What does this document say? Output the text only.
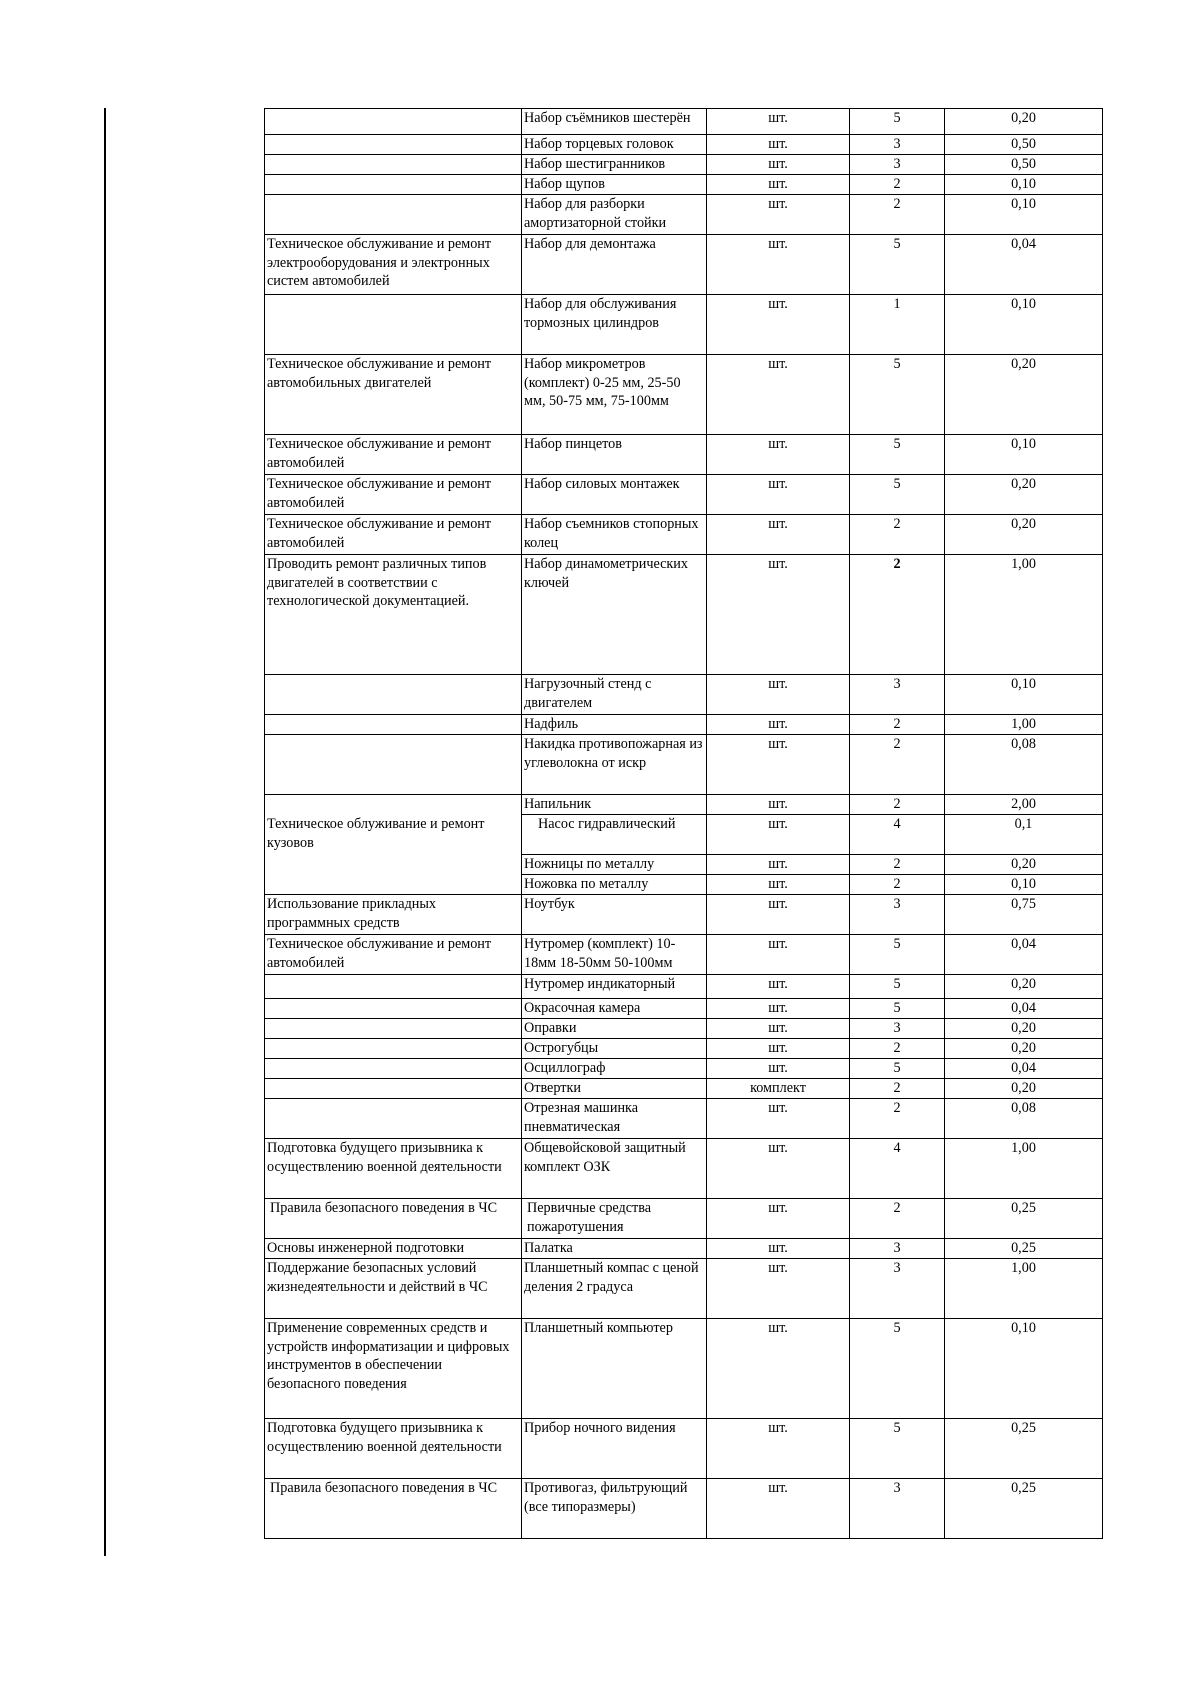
	Набор съёмников шестерён	шт.	5	0,20
	Набор торцевых головок	шт.	3	0,50
	Набор шестигранников	шт.	3	0,50
	Набор щупов	шт.	2	0,10
	Набор для разборки амортизаторной стойки	шт.	2	0,10
Техническое обслуживание и ремонт электрооборудования и электронных систем автомобилей	Набор для демонтажа	шт.	5	0,04
	Набор для обслуживания тормозных цилиндров	шт.	1	0,10
Техническое обслуживание и ремонт автомобильных двигателей	Набор микрометров (комплект) 0-25 мм, 25-50 мм, 50-75 мм, 75-100мм	шт.	5	0,20
Техническое обслуживание и ремонт автомобилей	Набор пинцетов	шт.	5	0,10
Техническое обслуживание и ремонт автомобилей	Набор силовых монтажек	шт.	5	0,20
Техническое обслуживание и ремонт автомобилей	Набор съемников стопорных колец	шт.	2	0,20
Проводить ремонт различных типов двигателей в соответствии с технологической документацией.	Набор динамометрических ключей	шт.	2	1,00
	Нагрузочный стенд с двигателем	шт.	3	0,10
	Надфиль	шт.	2	1,00
	Накидка противопожарная из углеволокна от искр	шт.	2	0,08
Техническое облуживание и ремонт кузовов	Напильник	шт.	2	2,00
	Насос гидравлический	шт.	4	0,1
	Ножницы по металлу	шт.	2	0,20
	Ножовка по металлу	шт.	2	0,10
Использование прикладных программных средств	Ноутбук	шт.	3	0,75
Техническое обслуживание и ремонт автомобилей	Нутромер (комплект) 10-18мм 18-50мм 50-100мм	шт.	5	0,04
	Нутромер индикаторный	шт.	5	0,20
	Окрасочная камера	шт.	5	0,04
	Оправки	шт.	3	0,20
	Острогубцы	шт.	2	0,20
	Осциллограф	шт.	5	0,04
	Отвертки	комплект	2	0,20
	Отрезная машинка пневматическая	шт.	2	0,08
Подготовка будущего призывника к осуществлению военной деятельности	Общевойсковой защитный комплект ОЗК	шт.	4	1,00
Правила безопасного поведения в ЧС	Первичные средства пожаротушения	шт.	2	0,25
Основы инженерной подготовки	Палатка	шт.	3	0,25
Поддержание безопасных условий жизнедеятельности и действий в ЧС	Планшетный компас с ценой деления 2 градуса	шт.	3	1,00
Применение современных средств и устройств информатизации и цифровых инструментов в обеспечении безопасного поведения	Планшетный компьютер	шт.	5	0,10
Подготовка будущего призывника к осуществлению военной деятельности	Прибор ночного видения	шт.	5	0,25
Правила безопасного поведения в ЧС	Противогаз, фильтрующий (все типоразмеры)	шт.	3	0,25
